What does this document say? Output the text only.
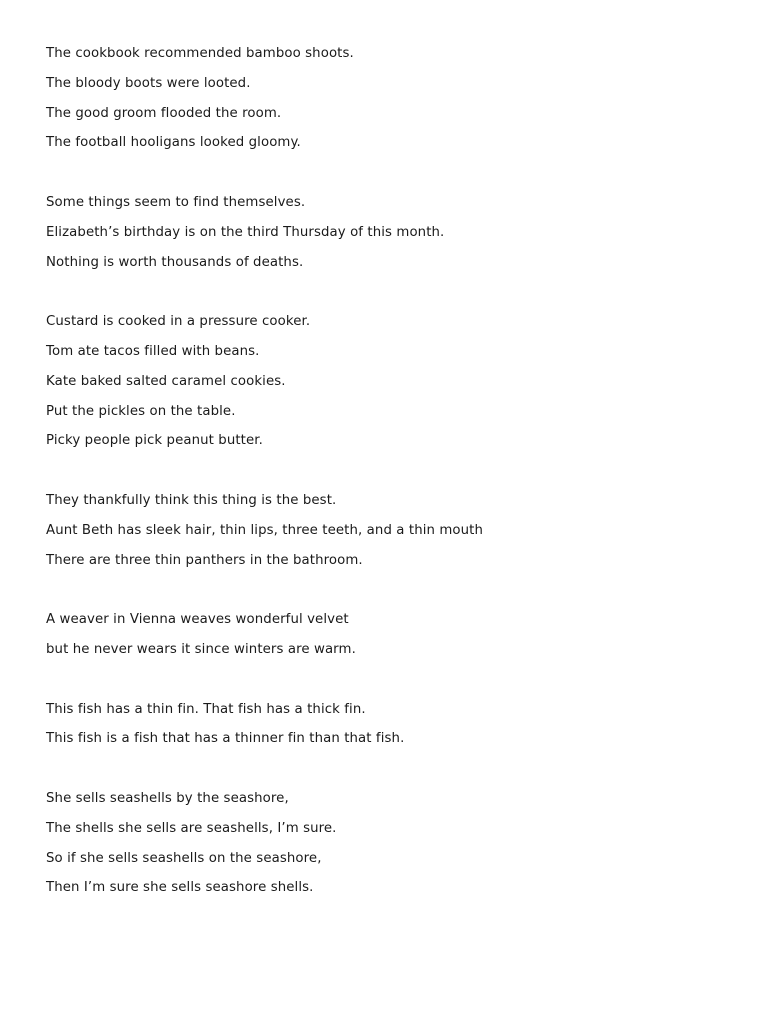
The cookbook recommended bamboo shoots.
The bloody boots were looted.
The good groom flooded the room.
The football hooligans looked gloomy.
Some things seem to find themselves.
Elizabeth’s birthday is on the third Thursday of this month.
Nothing is worth thousands of deaths.
Custard is cooked in a pressure cooker.
Tom ate tacos filled with beans.
Kate baked salted caramel cookies.
Put the pickles on the table.
Picky people pick peanut butter.
They thankfully think this thing is the best.
Aunt Beth has sleek hair, thin lips, three teeth, and a thin mouth
There are three thin panthers in the bathroom.
A weaver in Vienna weaves wonderful velvet
but he never wears it since winters are warm.
This fish has a thin fin. That fish has a thick fin.
This fish is a fish that has a thinner fin than that fish.
She sells seashells by the seashore,
The shells she sells are seashells, I’m sure.
So if she sells seashells on the seashore,
Then I’m sure she sells seashore shells.
